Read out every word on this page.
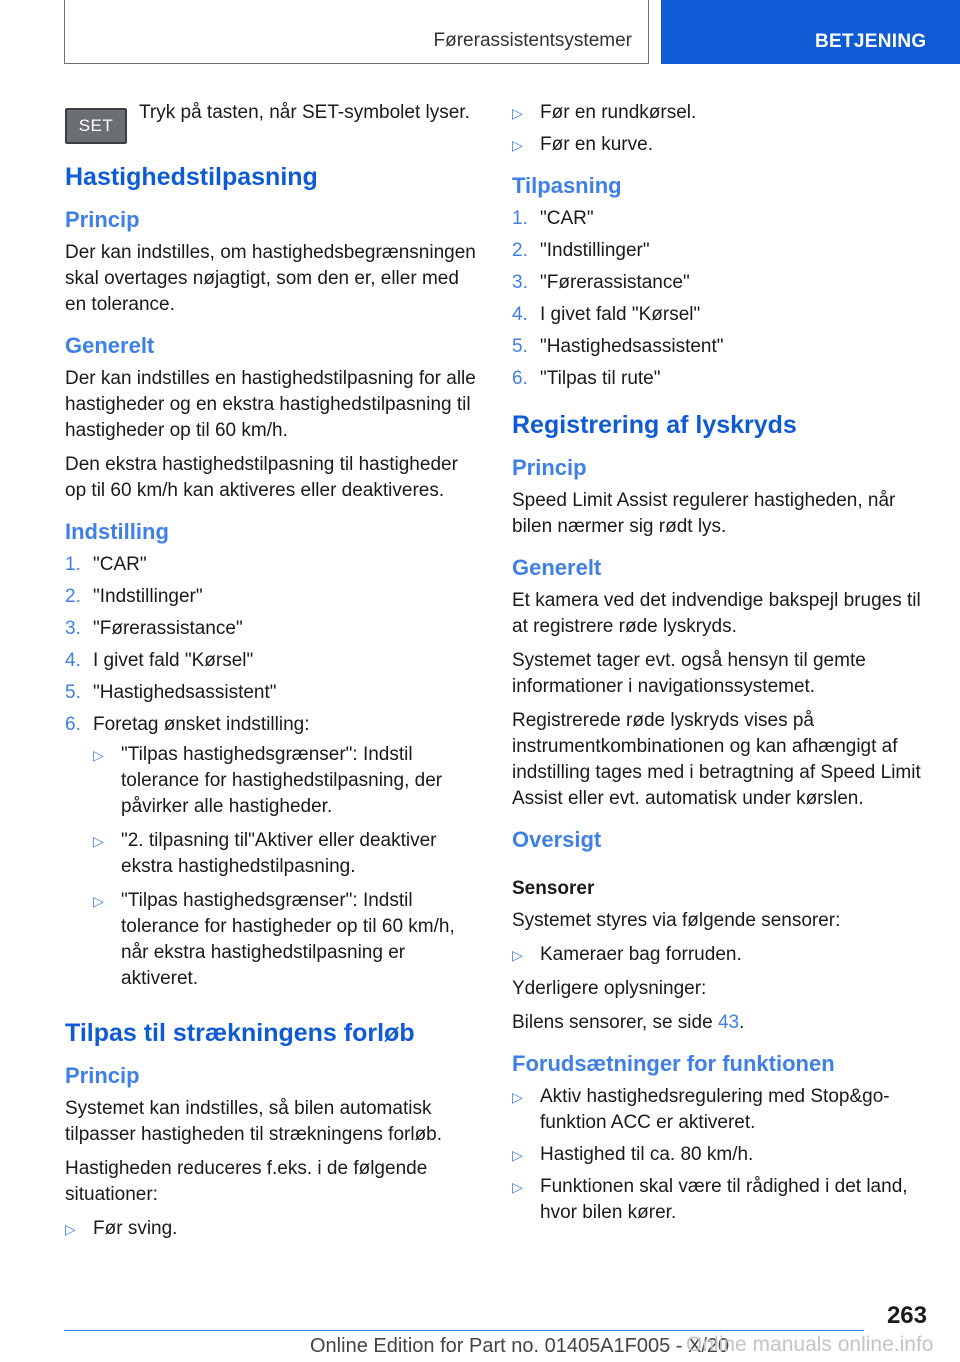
Førerassistentsystemer	BETJENING
SET
Tryk på tasten, når SET-symbolet lyser.
Hastighedstilpasning
Princip

Der kan indstilles, om hastighedsbegrænsningen skal overtages nøjagtigt, som den er, eller med en tolerance.

Generelt

Der kan indstilles en hastighedstilpasning for alle hastigheder og en ekstra hastighedstilpasning til hastigheder op til 60 km/h.

Den ekstra hastighedstilpasning til hastigheder op til 60 km/h kan aktiveres eller deaktiveres.

Indstilling
1. "CAR"
2. "Indstillinger"
3. "Førerassistance"
4. I givet fald "Kørsel"
5. "Hastighedsassistent"
6. Foretag ønsket indstilling:
▷ "Tilpas hastighedsgrænser": Indstil tolerance for hastighedstilpasning, der påvirker alle hastigheder.
▷ "2. tilpasning til"Aktiver eller deaktiver ekstra hastighedstilpasning.
▷ "Tilpas hastighedsgrænser": Indstil tolerance for hastigheder op til 60 km/h, når ekstra hastighedstilpasning er aktiveret.
Tilpas til strækningens forløb
Princip

Systemet kan indstilles, så bilen automatisk tilpasser hastigheden til strækningens forløb.

Hastigheden reduceres f.eks. i de følgende situationer:

▷ Før sving.
▷ Før en rundkørsel.
▷ Før en kurve.
Tilpasning
1. "CAR"
2. "Indstillinger"
3. "Førerassistance"
4. I givet fald "Kørsel"
5. "Hastighedsassistent"
6. "Tilpas til rute"
Registrering af lyskryds
Princip

Speed Limit Assist regulerer hastigheden, når bilen nærmer sig rødt lys.

Generelt

Et kamera ved det indvendige bakspejl bruges til at registrere røde lyskryds.

Systemet tager evt. også hensyn til gemte informationer i navigationssystemet.

Registrerede røde lyskryds vises på instrumentkombinationen og kan afhængigt af indstilling tages med i betragtning af Speed Limit Assist eller evt. automatisk under kørslen.

Oversigt
Sensorer

Systemet styres via følgende sensorer:

▷ Kameraer bag forruden.

Yderligere oplysninger:

Bilens sensorer, se side 43.

Forudsætninger for funktionen
▷ Aktiv hastighedsregulering med Stop&go-funktion ACC er aktiveret.
▷ Hastighed til ca. 80 km/h.
▷ Funktionen skal være til rådighed i det land, hvor bilen kører.
263
Online Edition for Part no. 01405A1F005 - X/20
Online manuals online.info
